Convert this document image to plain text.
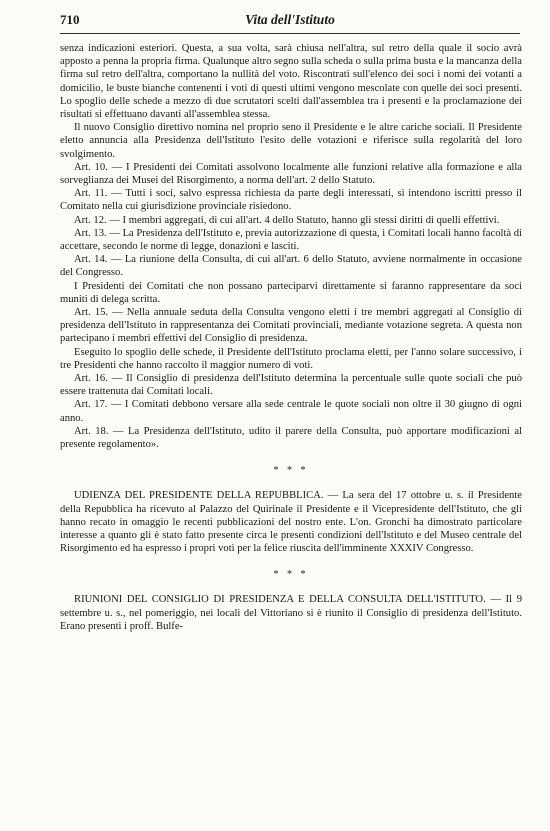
710	Vita dell'Istituto

senza indicazioni esteriori. Questa, a sua volta, sarà chiusa nell'altra, sul retro della quale il socio avrà apposto a penna la propria firma. Qualunque altro segno sulla scheda o sulla prima busta e la mancanza della firma sul retro dell'altra, comportano la nullità del voto. Riscontrati sull'elenco dei soci i nomi dei votanti a domicilio, le buste bianche contenenti i voti di questi ultimi vengono mescolate con quelle dei soci presenti. Lo spoglio delle schede a mezzo di due scrutatori scelti dall'assemblea tra i presenti e la proclamazione dei risultati si effettuano davanti all'assemblea stessa.

Il nuovo Consiglio direttivo nomina nel proprio seno il Presidente e le altre cariche sociali. Il Presidente eletto annuncia alla Presidenza dell'Istituto l'esito delle votazioni e riferisce sulla regolarità del loro svolgimento.

Art. 10. — I Presidenti dei Comitati assolvono localmente alle funzioni relative alla formazione e alla sorveglianza dei Musei del Risorgimento, a norma dell'art. 2 dello Statuto.

Art. 11. — Tutti i soci, salvo espressa richiesta da parte degli interessati, si intendono iscritti presso il Comitato nella cui giurisdizione provinciale risiedono.

Art. 12. — I membri aggregati, di cui all'art. 4 dello Statuto, hanno gli stessi diritti di quelli effettivi.

Art. 13. — La Presidenza dell'Istituto e, previa autorizzazione di questa, i Comitati locali hanno facoltà di accettare, secondo le norme di legge, donazioni e lasciti.

Art. 14. — La riunione della Consulta, di cui all'art. 6 dello Statuto, avviene normalmente in occasione del Congresso.

I Presidenti dei Comitati che non possano parteciparvi direttamente si faranno rappresentare da soci muniti di delega scritta.

Art. 15. — Nella annuale seduta della Consulta vengono eletti i tre membri aggregati al Consiglio di presidenza dell'Istituto in rappresentanza dei Comitati provinciali, mediante votazione segreta. A questa non partecipano i membri effettivi del Consiglio di presidenza.

Eseguito lo spoglio delle schede, il Presidente dell'Istituto proclama eletti, per l'anno solare successivo, i tre Presidenti che hanno raccolto il maggior numero di voti.

Art. 16. — Il Consiglio di presidenza dell'Istituto determina la percentuale sulle quote sociali che può essere trattenuta dai Comitati locali.

Art. 17. — I Comitati debbono versare alla sede centrale le quote sociali non oltre il 30 giugno di ogni anno.

Art. 18. — La Presidenza dell'Istituto, udito il parere della Consulta, può apportare modificazioni al presente regolamento».

* * *

UDIENZA DEL PRESIDENTE DELLA REPUBBLICA. — La sera del 17 ottobre u. s. il Presidente della Repubblica ha ricevuto al Palazzo del Quirinale il Presidente e il Vicepresidente dell'Istituto, che gli hanno recato in omaggio le recenti pubblicazioni del nostro ente. L'on. Gronchi ha dimostrato particolare interesse a quanto gli è stato fatto presente circa le presenti condizioni dell'Istituto e del Museo centrale del Risorgimento ed ha espresso i propri voti per la felice riuscita dell'imminente XXXIV Congresso.

* * *

RIUNIONI DEL CONSIGLIO DI PRESIDENZA E DELLA CONSULTA DELL'ISTITUTO. — Il 9 settembre u. s., nel pomeriggio, nei locali del Vittoriano si è riunito il Consiglio di presidenza dell'Istituto. Erano presenti i proff. Bulfe-
